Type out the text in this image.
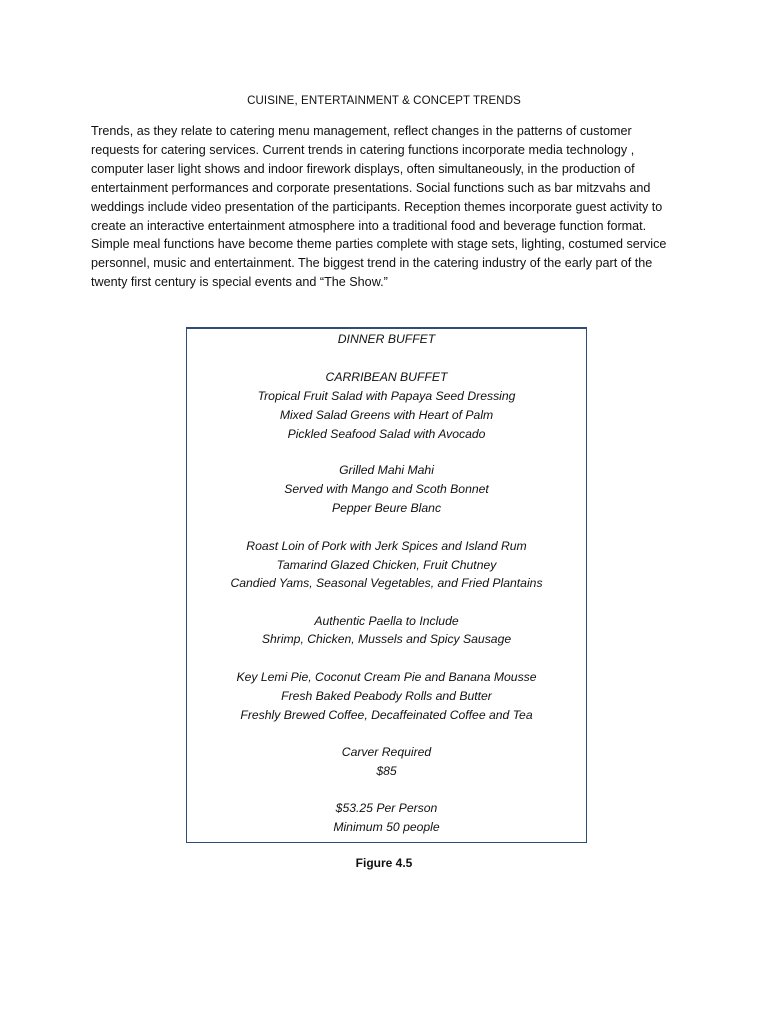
CUISINE, ENTERTAINMENT & CONCEPT TRENDS

Trends, as they relate to catering menu management, reflect changes in the patterns of customer

requests for catering services. Current trends in catering functions incorporate media technology ,

computer laser light shows and indoor firework displays, often simultaneously, in the production of

entertainment performances and corporate presentations. Social functions such as bar mitzvahs and

weddings include video presentation of the participants. Reception themes incorporate guest activity to

create an interactive entertainment atmosphere into a traditional food and beverage function format.

Simple meal functions have become theme parties complete with stage sets, lighting, costumed service

personnel, music and entertainment. The biggest trend in the catering industry of the early part of the

twenty first century is special events and “The Show.”

DINNER BUFFET
CARRIBEAN BUFFET
Tropical Fruit Salad with Papaya Seed Dressing
Mixed Salad Greens with Heart of Palm
Pickled Seafood Salad with Avocado
Grilled Mahi Mahi
Served with Mango and Scoth Bonnet
Pepper Beure Blanc
Roast Loin of Pork with Jerk Spices and Island Rum
Tamarind Glazed Chicken, Fruit Chutney
Candied Yams, Seasonal Vegetables, and Fried Plantains
Authentic Paella to Include
Shrimp, Chicken, Mussels and Spicy Sausage
Key Lemi Pie, Coconut Cream Pie and Banana Mousse
Fresh Baked Peabody Rolls and Butter
Freshly Brewed Coffee, Decaffeinated Coffee and Tea
Carver Required
$85
$53.25 Per Person
Minimum 50 people
Figure 4.5
